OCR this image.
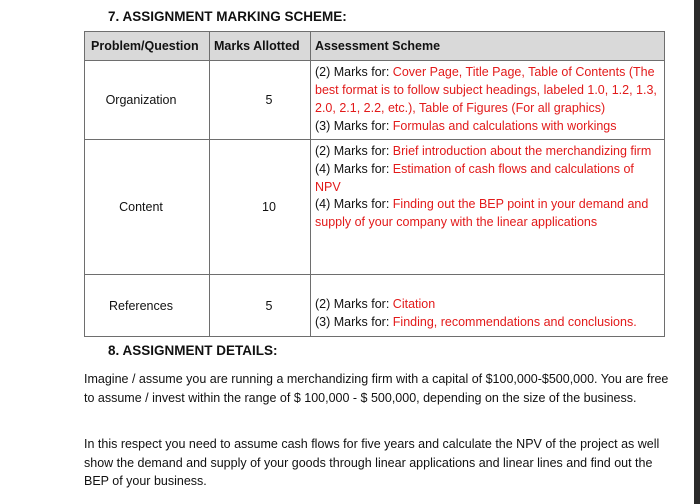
7. ASSIGNMENT MARKING SCHEME:
Problem/Question	Marks Allotted	Assessment Scheme
Organization	5	(2) Marks for: Cover Page, Title Page, Table of Contents (The best format is to follow subject headings, labeled 1.0, 1.2, 1.3, 2.0, 2.1, 2.2, etc.), Table of Figures (For all graphics)
(3) Marks for: Formulas and calculations with workings

Content	10	(2) Marks for: Brief introduction about the merchandizing firm
(4) Marks for: Estimation of cash flows and calculations of NPV
(4) Marks for: Finding out the BEP point in your demand and supply of your company with the linear applications

References	5	(2) Marks for: Citation
(3) Marks for: Finding, recommendations and conclusions.
8. ASSIGNMENT DETAILS:
Imagine / assume you are running a merchandizing firm with a capital of $100,000-$500,000. You are free to assume / invest within the range of $ 100,000 - $ 500,000, depending on the size of the business.
In this respect you need to assume cash flows for five years and calculate the NPV of the project as well show the demand and supply of your goods through linear applications and linear lines and find out the BEP of your business.
